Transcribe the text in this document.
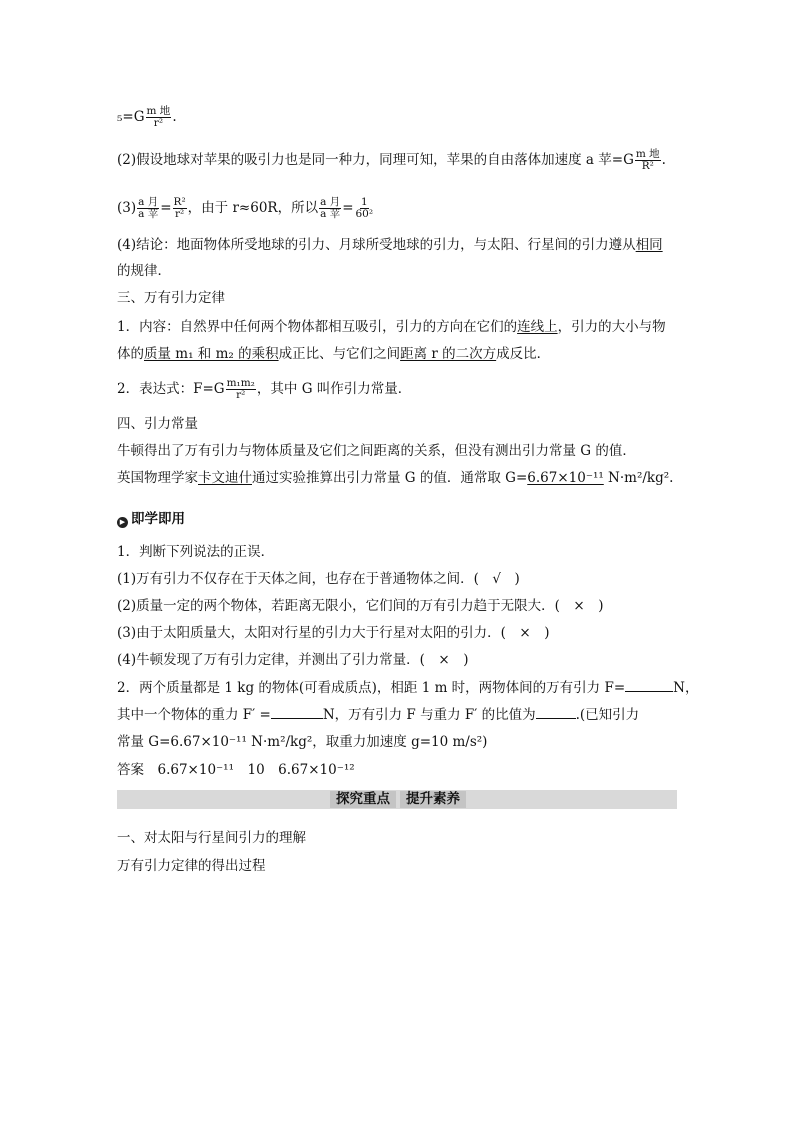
$_5=G \frac{\text{m 地}}{\text{r²}}$ .
(2)假设地球对苹果的吸引力也是同一种力，同理可知，苹果的自由落体加速度 a 苹$=G \frac{\text{m 地}}{\text{R²}}$ .
$(3) \frac{\text{a 月}}{\text{a 苹}} = \frac{\text{R²}}{\text{r²}}$ ，由于 r≈60R，所以 $\frac{\text{a 月}}{\text{a 苹}} = \frac{1}{\text{60²}}$
(4)结论：地面物体所受地球的引力、月球所受地球的引力，与太阳、行星间的引力遵从相同
的规律．
三、万有引力定律
1．内容：自然界中任何两个物体都相互吸引，引力的方向在它们的连线上，引力的大小与物
体的质量 m₁ 和 m₂ 的乘积成正比、与它们之间距离 r 的二次方成反比．
2．表达式：$F=G \frac{\text{m₁m₂}}{\text{r²}}$ ，其中 G 叫作引力常量．
四、引力常量
牛顿得出了万有引力与物体质量及它们之间距离的关系，但没有测出引力常量 G 的值．
英国物理学家卡文迪什通过实验推算出引力常量 G 的值．通常取 G=6.67×10⁻¹¹ N·m²/kg².
▶ 即学即用
1．判断下列说法的正误．
(1)万有引力不仅存在于天体之间，也存在于普通物体之间．(　√　)
(2)质量一定的两个物体，若距离无限小，它们间的万有引力趋于无限大．(　×　)
(3)由于太阳质量大，太阳对行星的引力大于行星对太阳的引力．(　×　)
(4)牛顿发现了万有引力定律，并测出了引力常量．(　×　)
2．两个质量都是 1 kg 的物体(可看成质点)，相距 1 m 时，两物体间的万有引力 F=	N，
其中一个物体的重力 F′ =	N，万有引力 F 与重力 F′ 的比值为	.(已知引力
常量 G=6.67×10⁻¹¹ N·m²/kg²，取重力加速度 g=10 m/s²)
答案　6.67×10⁻¹¹　10　6.67×10⁻¹²
探究重点	提升素养
一、对太阳与行星间引力的理解
万有引力定律的得出过程
